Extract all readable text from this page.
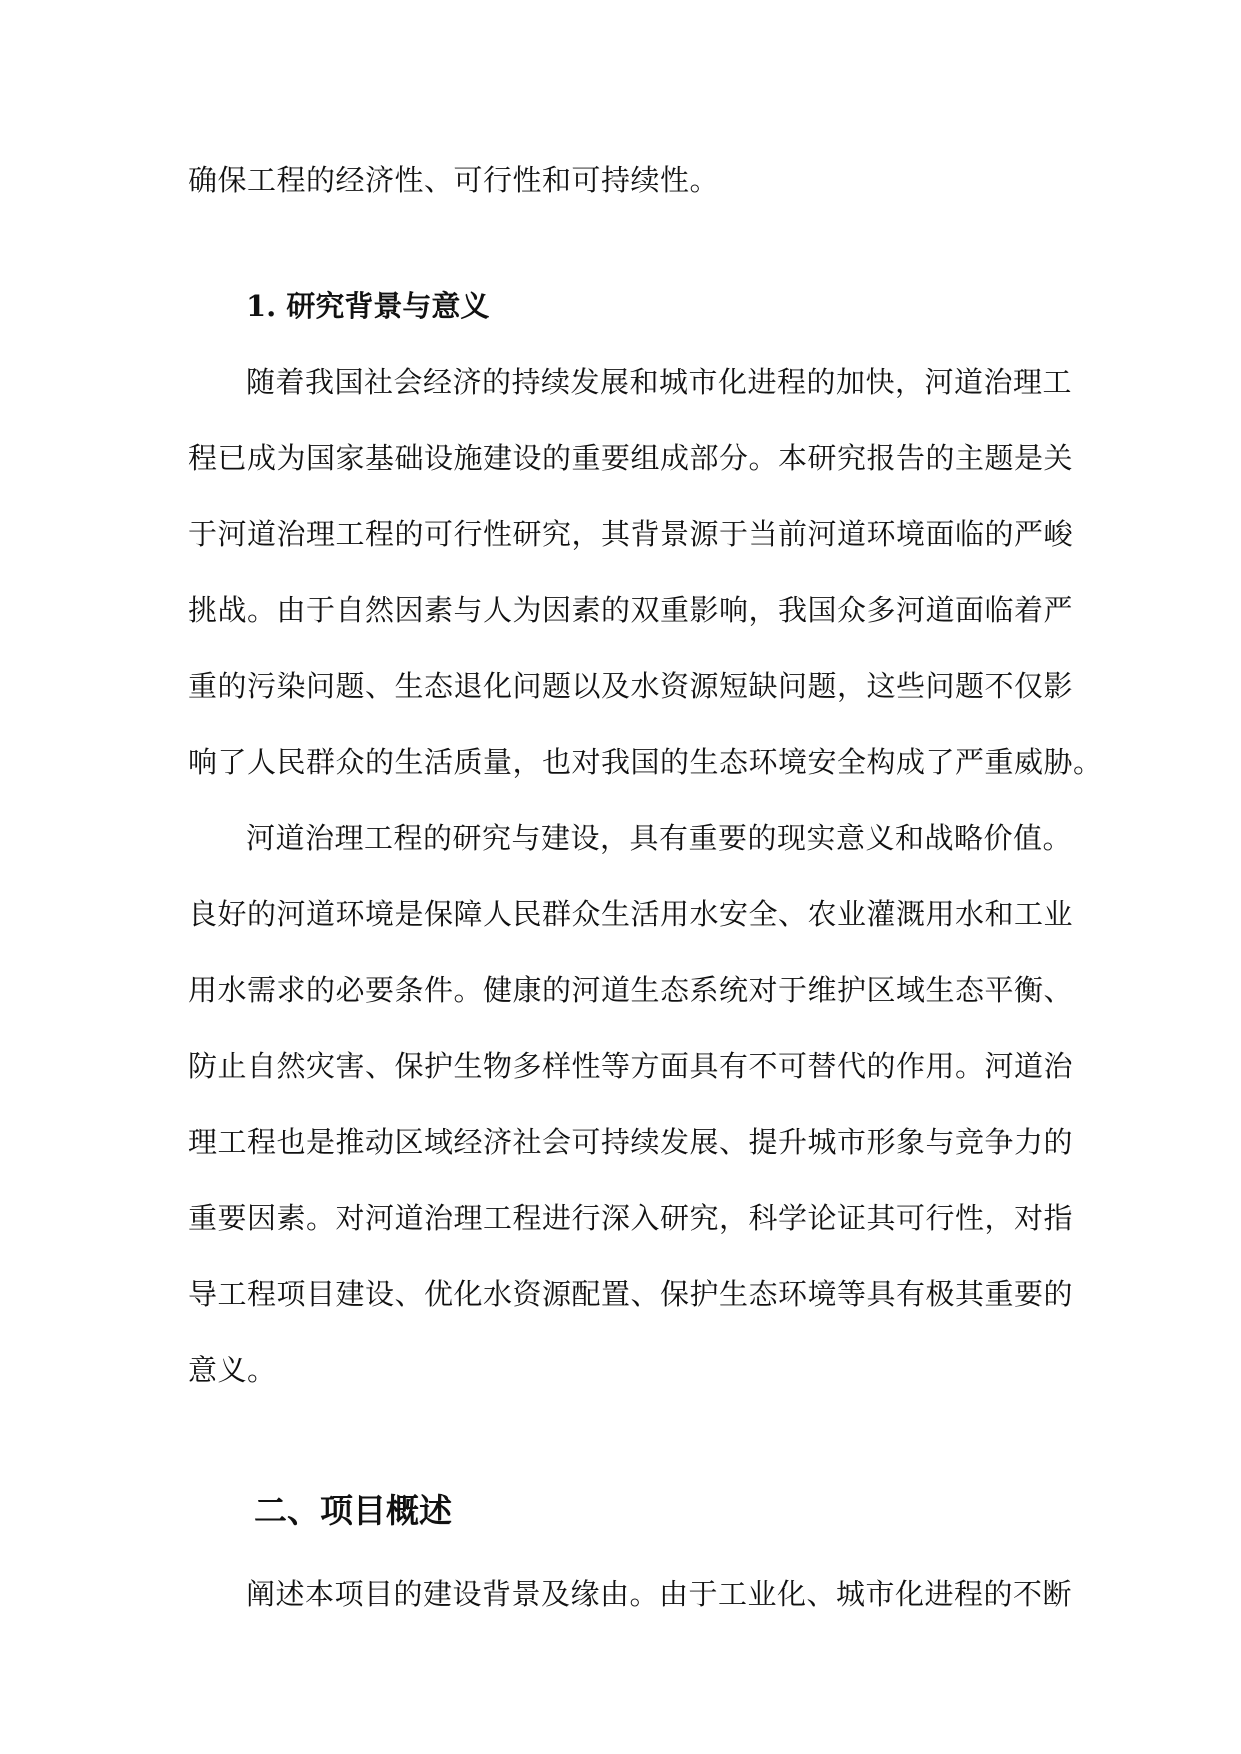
确保工程的经济性、可行性和可持续性。
1. 研究背景与意义
随着我国社会经济的持续发展和城市化进程的加快，河道治理工
程已成为国家基础设施建设的重要组成部分。本研究报告的主题是关
于河道治理工程的可行性研究，其背景源于当前河道环境面临的严峻
挑战。由于自然因素与人为因素的双重影响，我国众多河道面临着严
重的污染问题、生态退化问题以及水资源短缺问题，这些问题不仅影
响了人民群众的生活质量，也对我国的生态环境安全构成了严重威胁。
河道治理工程的研究与建设，具有重要的现实意义和战略价值。
良好的河道环境是保障人民群众生活用水安全、农业灌溉用水和工业
用水需求的必要条件。健康的河道生态系统对于维护区域生态平衡、
防止自然灾害、保护生物多样性等方面具有不可替代的作用。河道治
理工程也是推动区域经济社会可持续发展、提升城市形象与竞争力的
重要因素。对河道治理工程进行深入研究，科学论证其可行性，对指
导工程项目建设、优化水资源配置、保护生态环境等具有极其重要的
意义。
二、项目概述
阐述本项目的建设背景及缘由。由于工业化、城市化进程的不断
